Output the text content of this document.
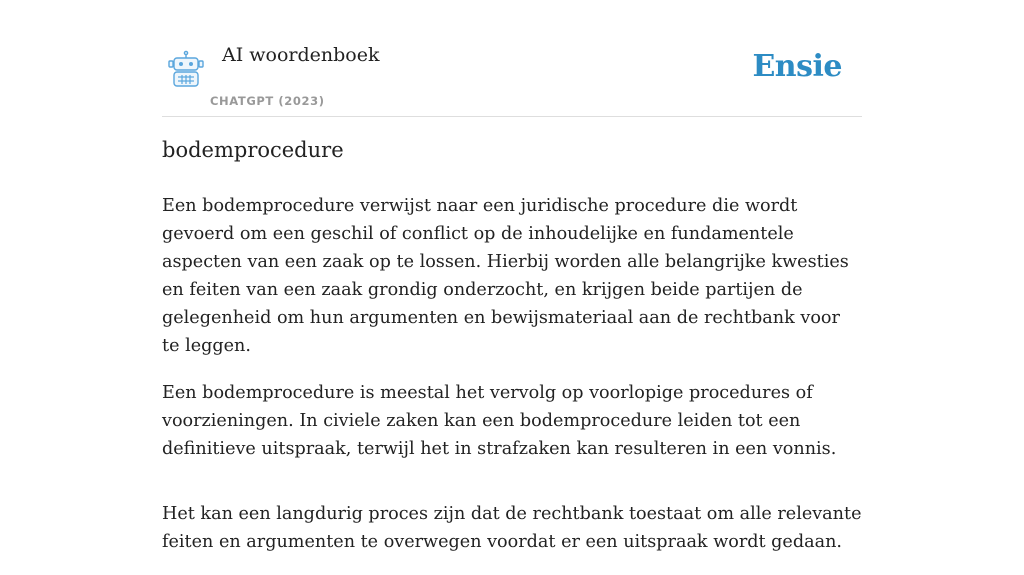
AI woordenboek
CHATGPT (2023)
Ensie
bodemprocedure

Een bodemprocedure verwijst naar een juridische procedure die wordt gevoerd om een geschil of conflict op de inhoudelijke en fundamentele aspecten van een zaak op te lossen. Hierbij worden alle belangrijke kwesties en feiten van een zaak grondig onderzocht, en krijgen beide partijen de gelegenheid om hun argumenten en bewijsmateriaal aan de rechtbank voor te leggen.

Een bodemprocedure is meestal het vervolg op voorlopige procedures of voorzieningen. In civiele zaken kan een bodemprocedure leiden tot een definitieve uitspraak, terwijl het in strafzaken kan resulteren in een vonnis.

Het kan een langdurig proces zijn dat de rechtbank toestaat om alle relevante feiten en argumenten te overwegen voordat er een uitspraak wordt gedaan.
